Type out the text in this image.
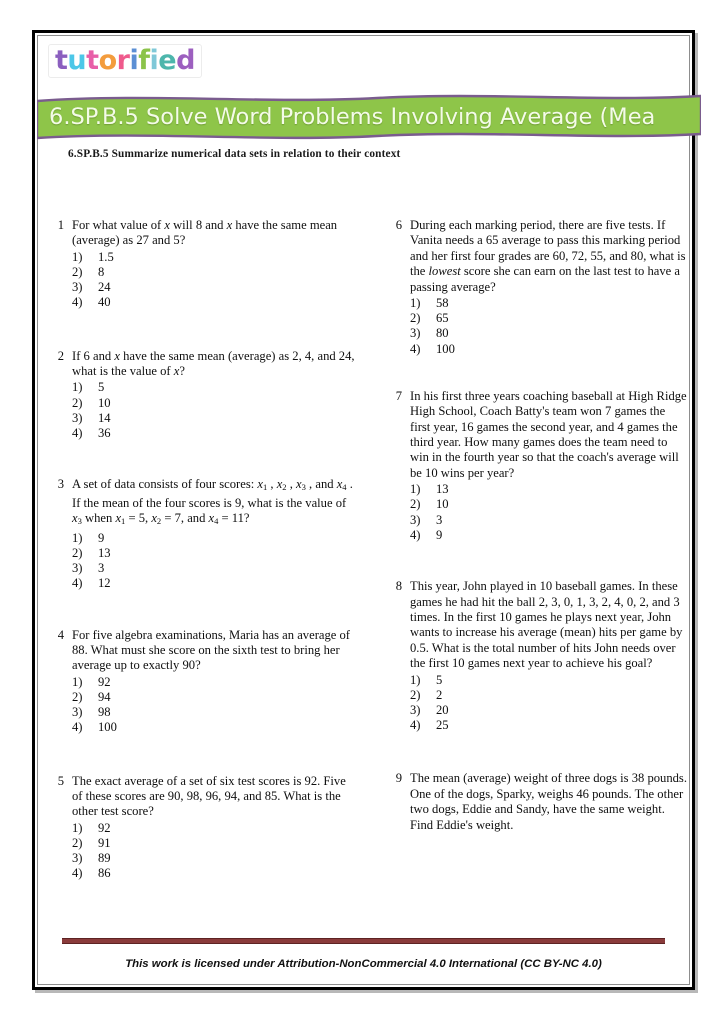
tutorified
6.SP.B.5 Solve Word Problems Involving Average (Mea
6.SP.B.5 Summarize numerical data sets in relation to their context
1 For what value of x will 8 and x have the same mean (average) as 27 and 5?

1)	1.5
2)	8
3)	24
4)	40
2 If 6 and x have the same mean (average) as 2, 4, and 24, what is the value of x?

1)	5
2)	10
3)	14
4)	36
3 A set of data consists of four scores: $x_1$ , $x_2$ , $x_3$ , and $x_4$ . If the mean of the four scores is 9, what is the value of $x_3$ when $x_1 = 5$, $x_2 = 7$, and $x_4 = 11$?

1)	9
2)	13
3)	3
4)	12
4 For five algebra examinations, Maria has an average of 88. What must she score on the sixth test to bring her average up to exactly 90?

1)	92
2)	94
3)	98
4)	100
5 The exact average of a set of six test scores is 92. Five of these scores are 90, 98, 96, 94, and 85. What is the other test score?

1)	92
2)	91
3)	89
4)	86
6 During each marking period, there are five tests. If Vanita needs a 65 average to pass this marking period and her first four grades are 60, 72, 55, and 80, what is the lowest score she can earn on the last test to have a passing average?

1)	58
2)	65
3)	80
4)	100
7 In his first three years coaching baseball at High Ridge High School, Coach Batty's team won 7 games the first year, 16 games the second year, and 4 games the third year. How many games does the team need to win in the fourth year so that the coach's average will be 10 wins per year?

1)	13
2)	10
3)	3
4)	9
8 This year, John played in 10 baseball games. In these games he had hit the ball 2, 3, 0, 1, 3, 2, 4, 0, 2, and 3 times. In the first 10 games he plays next year, John wants to increase his average (mean) hits per game by 0.5. What is the total number of hits John needs over the first 10 games next year to achieve his goal?

1)	5
2)	2
3)	20
4)	25
9 The mean (average) weight of three dogs is 38 pounds. One of the dogs, Sparky, weighs 46 pounds. The other two dogs, Eddie and Sandy, have the same weight. Find Eddie's weight.

This work is licensed under Attribution-NonCommercial 4.0 International (CC BY-NC 4.0)
